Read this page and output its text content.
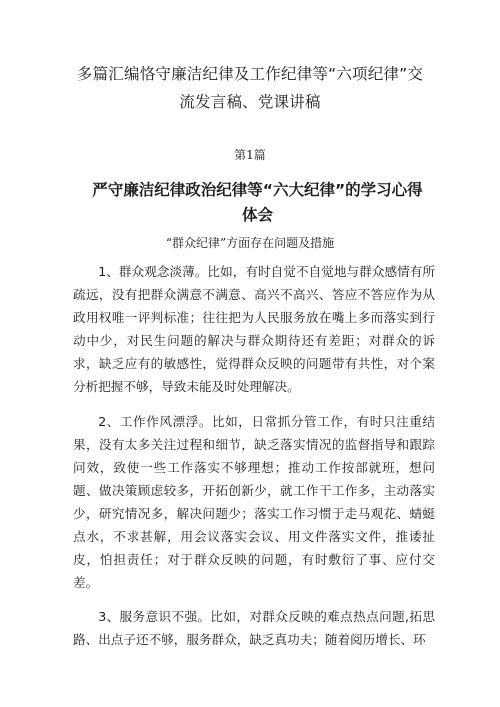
多篇汇编恪守廉洁纪律及工作纪律等“六项纪律”交流发言稿、党课讲稿

第1篇

严守廉洁纪律政治纪律等“六大纪律”的学习心得体会

“群众纪律”方面存在问题及措施

1、群众观念淡薄。比如，有时自觉不自觉地与群众感情有所疏远，没有把群众满意不满意、高兴不高兴、答应不答应作为从政用权唯一评判标准；往往把为人民服务放在嘴上多而落实到行动中少，对民生问题的解决与群众期待还有差距；对群众的诉求，缺乏应有的敏感性，觉得群众反映的问题带有共性，对个案分析把握不够，导致未能及时处理解决。

2、工作作风漂浮。比如，日常抓分管工作，有时只注重结果，没有太多关注过程和细节，缺乏落实情况的监督指导和跟踪问效，致使一些工作落实不够理想；推动工作按部就班，想问题、做决策顾虑较多，开拓创新少，就工作干工作多，主动落实少，研究情况多，解决问题少；落实工作习惯于走马观花、蜻蜓点水，不求甚解，用会议落实会议、用文件落实文件，推诿扯皮，怕担责任；对于群众反映的问题，有时敷衍了事、应付交差。

3、服务意识不强。比如，对群众反映的难点热点问题,拓思路、出点子还不够，服务群众，缺乏真功夫；随着阅历增长、环
